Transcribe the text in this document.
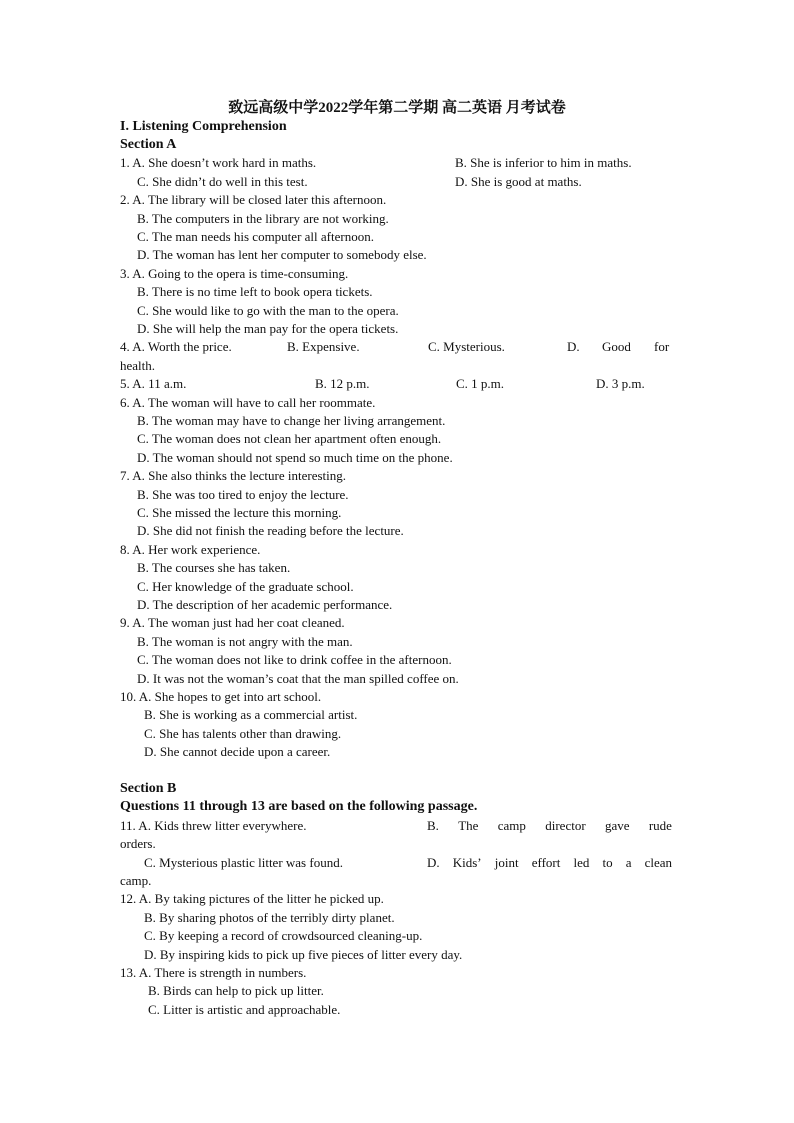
致远高级中学2022学年第二学期 高二英语 月考试卷
I. Listening Comprehension
Section A
1. A. She doesn’t work hard in maths.	B. She is inferior to him in maths.
C. She didn’t do well in this test.	D. She is good at maths.
2. A. The library will be closed later this afternoon.
B. The computers in the library are not working.
C. The man needs his computer all afternoon.
D. The woman has lent her computer to somebody else.
3. A. Going to the opera is time-consuming.
B. There is no time left to book opera tickets.
C. She would like to go with the man to the opera.
D. She will help the man pay for the opera tickets.
4. A. Worth the price.	B. Expensive.	C. Mysterious.	D. Good for
health.
5. A. 11 a.m.	B. 12 p.m.	C. 1 p.m.	D. 3 p.m.
6. A. The woman will have to call her roommate.
B. The woman may have to change her living arrangement.
C. The woman does not clean her apartment often enough.
D. The woman should not spend so much time on the phone.
7. A. She also thinks the lecture interesting.
B. She was too tired to enjoy the lecture.
C. She missed the lecture this morning.
D. She did not finish the reading before the lecture.
8. A. Her work experience.
B. The courses she has taken.
C. Her knowledge of the graduate school.
D. The description of her academic performance.
9. A. The woman just had her coat cleaned.
B. The woman is not angry with the man.
C. The woman does not like to drink coffee in the afternoon.
D. It was not the woman’s coat that the man spilled coffee on.
10. A. She hopes to get into art school.
B. She is working as a commercial artist.
C. She has talents other than drawing.
D. She cannot decide upon a career.
Section B
Questions 11 through 13 are based on the following passage.
11. A. Kids threw litter everywhere.	B. The camp director gave rude
orders.
C. Mysterious plastic litter was found.	D. Kids’ joint effort led to a clean
camp.
12. A. By taking pictures of the litter he picked up.
B. By sharing photos of the terribly dirty planet.
C. By keeping a record of crowdsourced cleaning-up.
D. By inspiring kids to pick up five pieces of litter every day.
13. A. There is strength in numbers.
B. Birds can help to pick up litter.
C. Litter is artistic and approachable.
